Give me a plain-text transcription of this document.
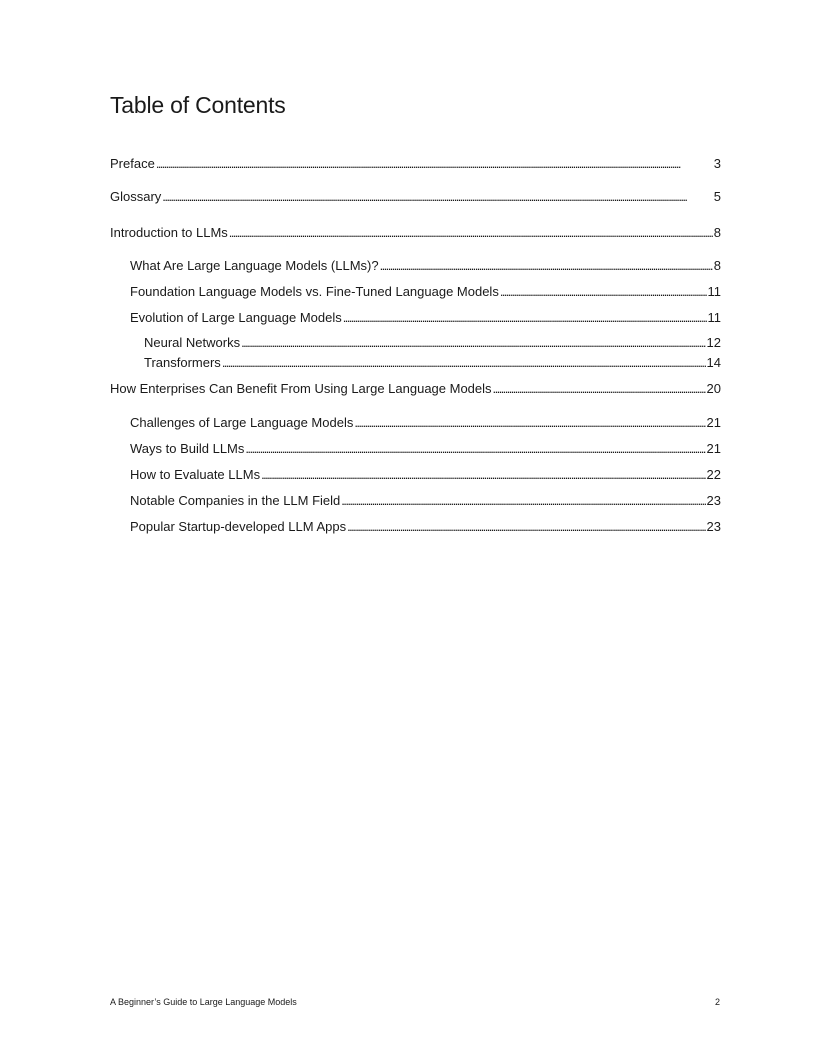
Table of Contents
Preface . . .	3
Glossary . . .	5
Introduction to LLMs . . .	8
What Are Large Language Models (LLMs)? . . .	8
Foundation Language Models vs. Fine-Tuned Language Models . . .	11
Evolution of Large Language Models . . .	11
Neural Networks . . .	12
Transformers . . .	14
How Enterprises Can Benefit From Using Large Language Models . . .	20
Challenges of Large Language Models . . .	21
Ways to Build LLMs . . .	21
How to Evaluate LLMs . . .	22
Notable Companies in the LLM Field . . .	23
Popular Startup-developed LLM Apps . . .	23
A Beginner’s Guide to Large Language Models	2
